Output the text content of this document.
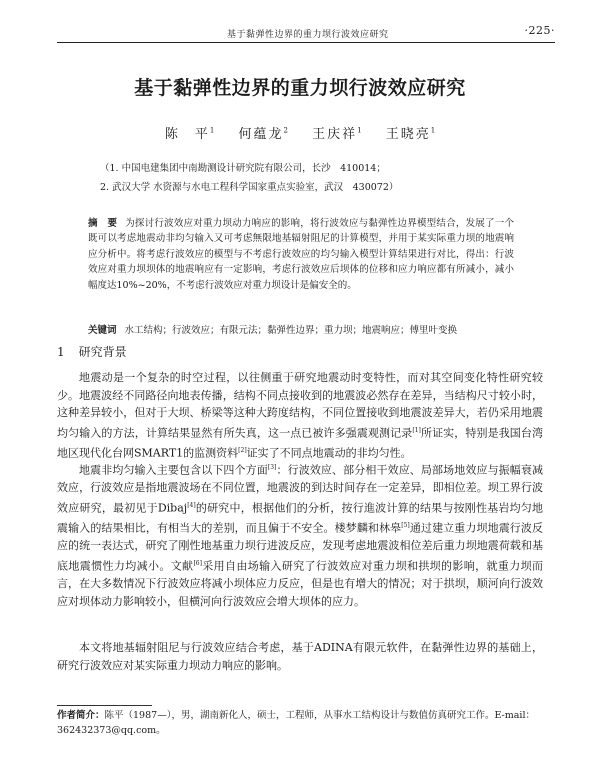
基于黏弹性边界的重力坝行波效应研究	·225·
基于黏弹性边界的重力坝行波效应研究
陈　平$^1$ 何蕴龙$^2$ 王庆祥$^1$ 王晓亮$^1$
（1. 中国电建集团中南勘测设计研究院有限公司，长沙　410014；
2. 武汉大学 水资源与水电工程科学国家重点实验室，武汉　430072）
摘　要 为探讨行波效应对重力坝动力响应的影响，将行波效应与黏弹性边界模型结合，发展了一个既可以考虑地震动非均匀输入又可考虑無限地基辐射阻尼的计算模型，并用于某实际重力坝的地震响应分析中。将考虑行波效应的模型与不考虑行波效应的均匀输入模型计算结果进行对比，得出：行波效应对重力坝坝体的地震响应有一定影响，考虑行波效应后坝体的位移和应力响应都有所减小，减小幅度达10%~20%，不考虑行波效应对重力坝设计是偏安全的。
关键词 水工结构；行波效应；有限元法；黏弹性边界；重力坝；地震响应；傅里叶变换
1 研究背景

地震动是一个复杂的时空过程，以往侧重于研究地震动时变特性，而对其空间变化特性研究较少。地震波经不同路径向地表传播，结构不同点接收到的地震波必然存在差异，当结构尺寸较小时，这种差异较小，但对于大坝、桥梁等这种大跨度结构，不同位置接收到地震波差异大，若仍采用地震均匀输入的方法，计算结果显然有所失真，这一点已被许多强震观测记录[1]所证实，特别是我国台湾地区现代化台网SMART1的监测资料[2]证实了不同点地震动的非均匀性。

地震非均匀输入主要包含以下四个方面[3]：行波效应、部分相干效应、局部场地效应与振幅衰减效应，行波效应是指地震波场在不同位置，地震波的到达时间存在一定差异，即相位差。坝工界行波效应研究，最初见于Dibaj[4]的研究中，根据他们的分析，按行進波计算的结果与按刚性基岩均匀地震输入的结果相比，有相当大的差别，而且偏于不安全。楼梦麟和林皋[5]通过建立重力坝地震行波反应的统一表达式，研究了刚性地基重力坝行进波反应，发现考虑地震波相位差后重力坝地震荷载和基底地震惯性力均减小。文献[6]采用自由场输入研究了行波效应对重力坝和拱坝的影响，就重力坝而言，在大多数情况下行波效应将减小坝体应力反应，但是也有增大的情况；对于拱坝，顺河向行波效应对坝体动力影响较小，但横河向行波效应会增大坝体的应力。

本文将地基辐射阻尼与行波效应结合考虑，基于ADINA有限元软件，在黏弹性边界的基础上，研究行波效应对某实际重力坝动力响应的影响。

作者简介：陈平（1987—），男，湖南新化人，硕士，工程师，从事水工结构设计与数值仿真研究工作。E-mail：362432373@qq.com。
